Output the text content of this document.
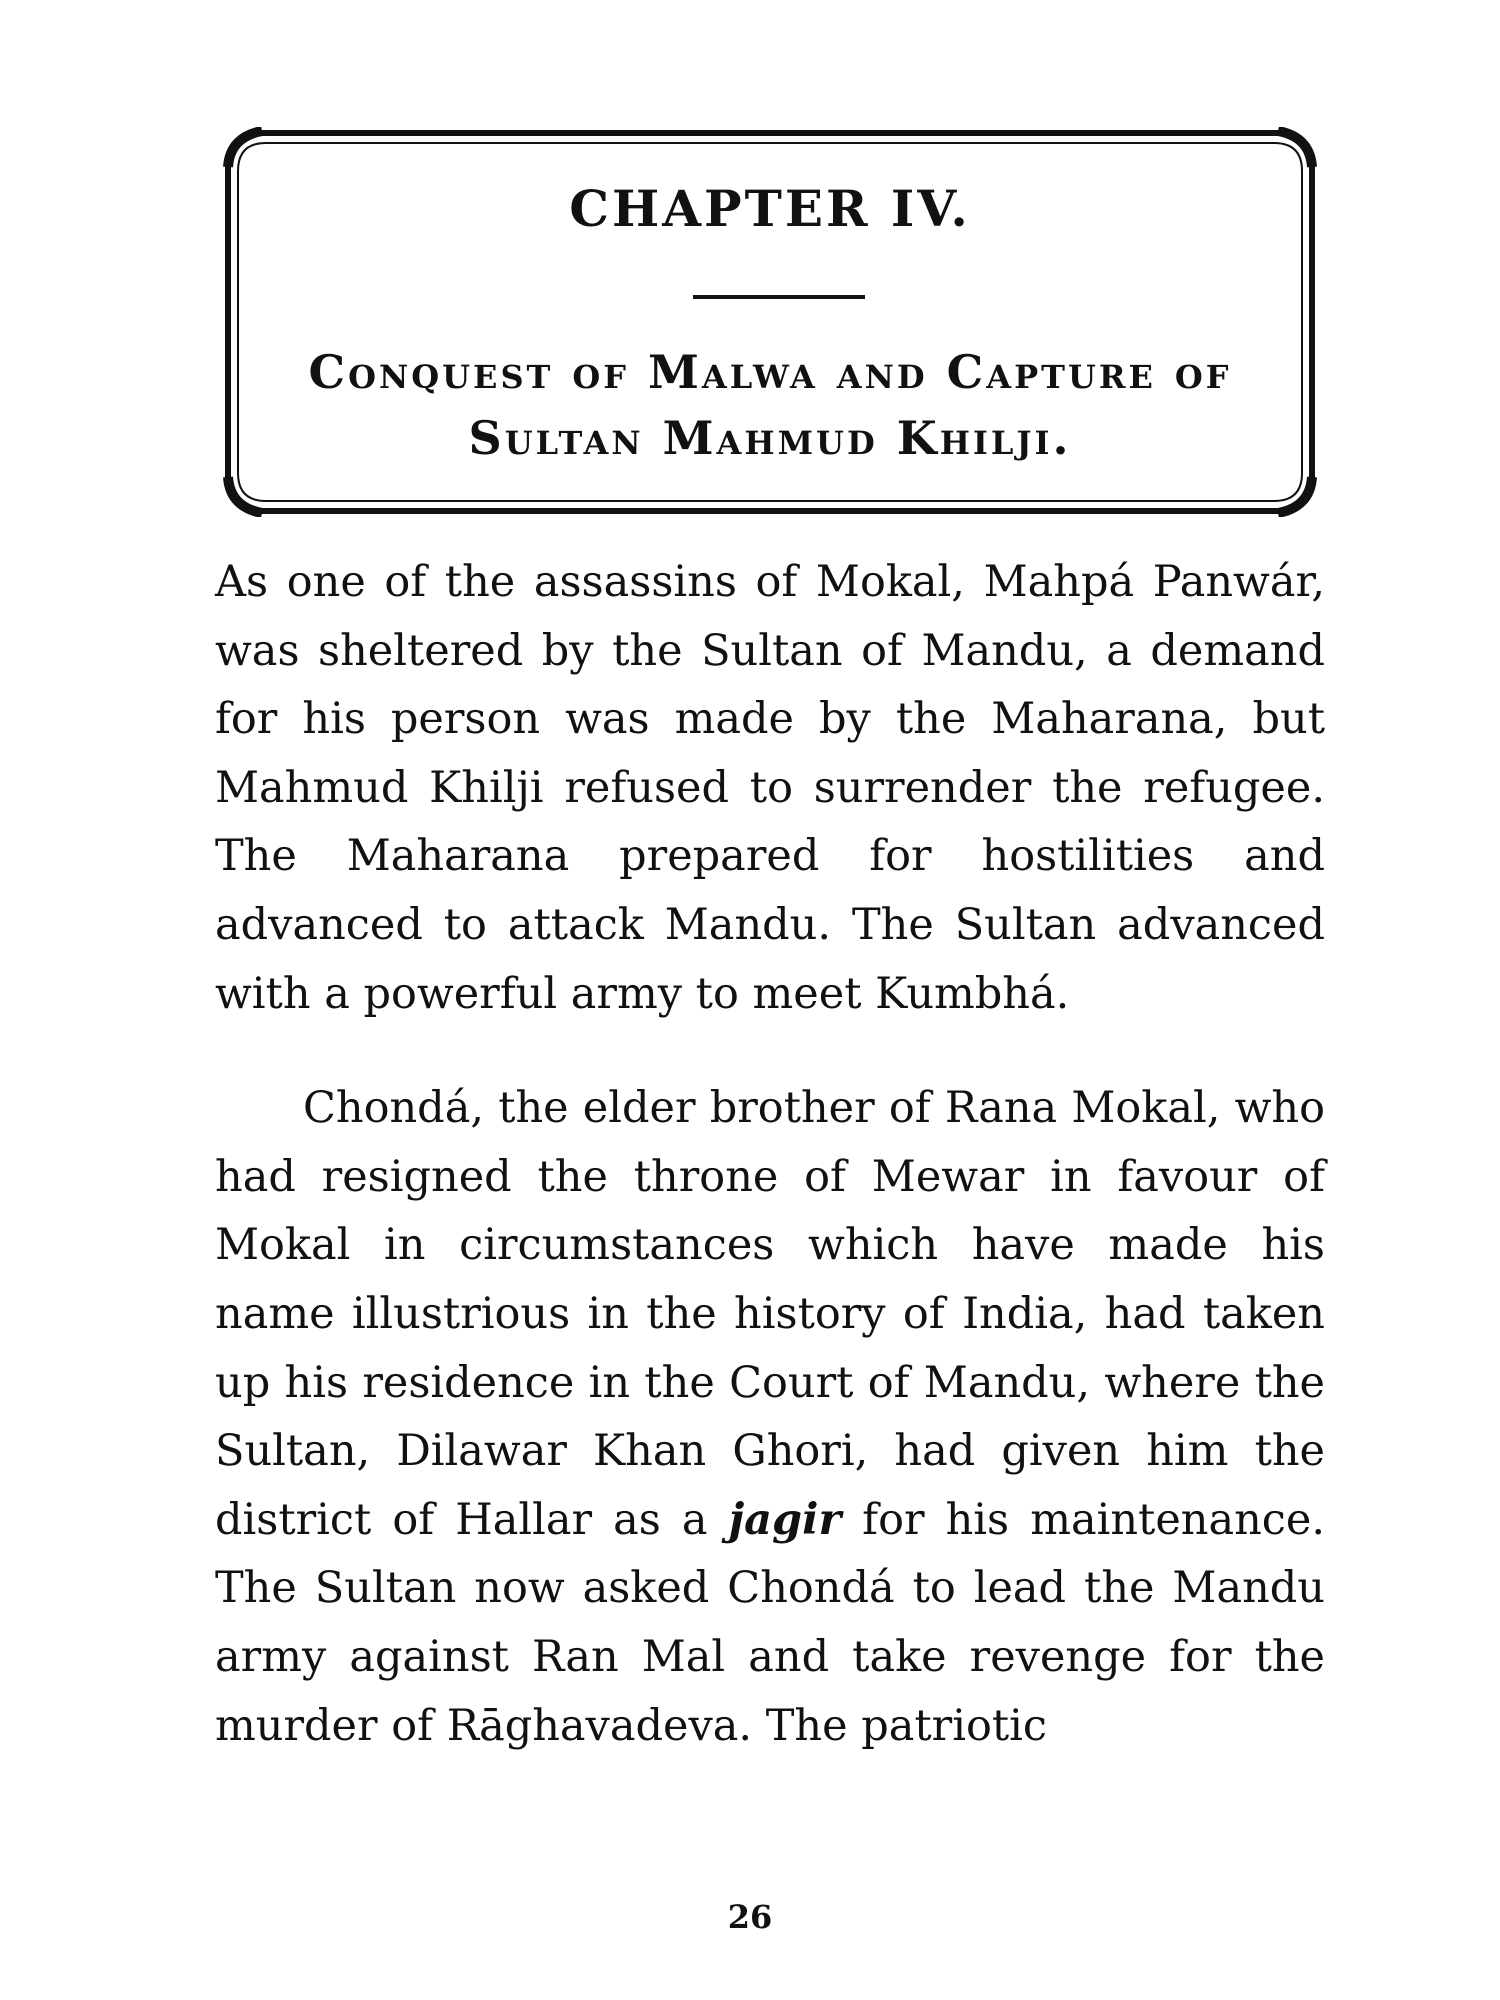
CHAPTER IV.
Conquest of Malwa and Capture of
Sultan Mahmud Khilji.

As one of the assassins of Mokal, Mahpá Panwár, was sheltered by the Sultan of Mandu, a demand for his person was made by the Maharana, but Mahmud Khilji refused to surrender the refugee. The Maharana prepared for hostilities and advanced to attack Mandu. The Sultan advanced with a powerful army to meet Kumbhá.

Chondá, the elder brother of Rana Mokal, who had resigned the throne of Mewar in favour of Mokal in circumstances which have made his name illustrious in the history of India, had taken up his residence in the Court of Mandu, where the Sultan, Dilawar Khan Ghori, had given him the district of Hallar as a jagir for his maintenance. The Sultan now asked Chondá to lead the Mandu army against Ran Mal and take revenge for the murder of Rāghavadeva. The patriotic

26
